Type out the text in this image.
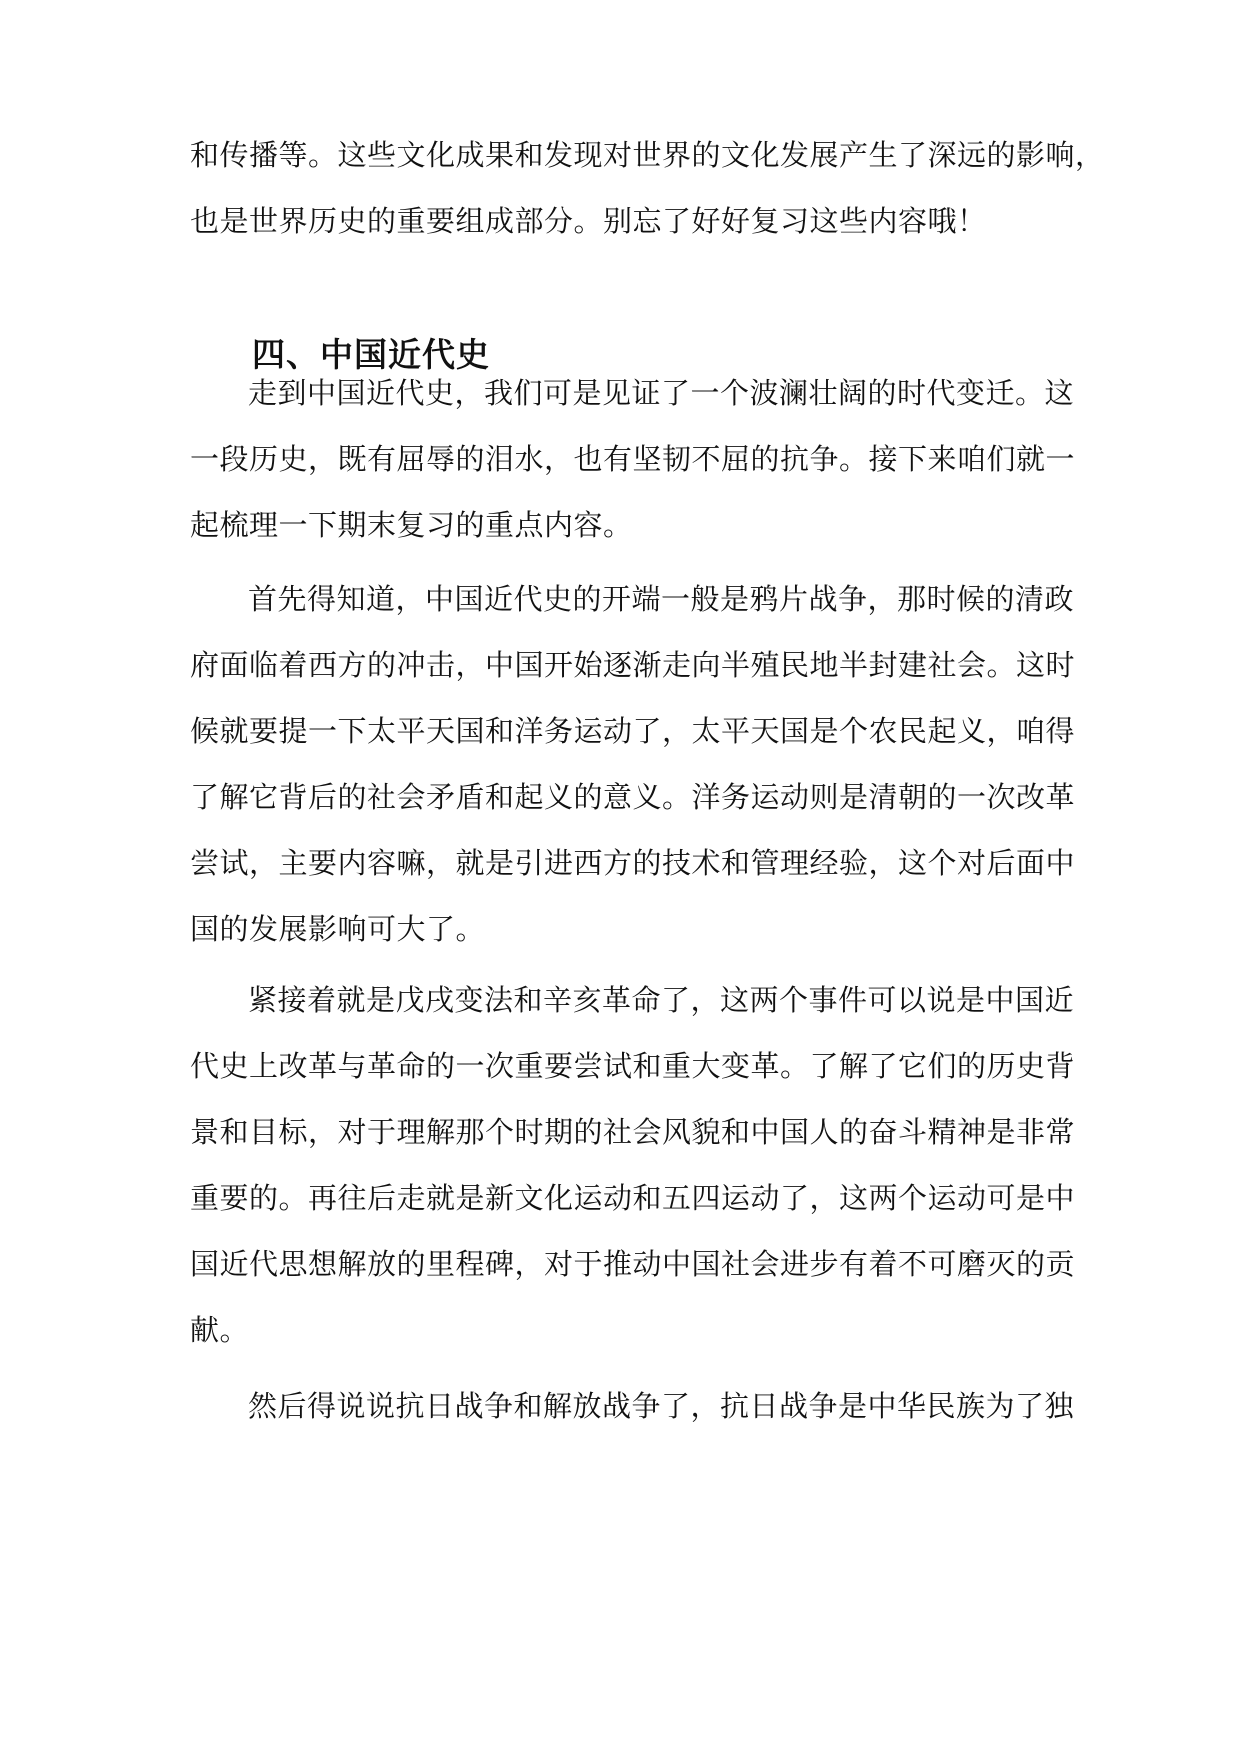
和传播等。这些文化成果和发现对世界的文化发展产生了深远的影响，
也是世界历史的重要组成部分。别忘了好好复习这些内容哦！
四、中国近代史
走到中国近代史，我们可是见证了一个波澜壮阔的时代变迁。这
一段历史，既有屈辱的泪水，也有坚韧不屈的抗争。接下来咱们就一
起梳理一下期末复习的重点内容。
首先得知道，中国近代史的开端一般是鸦片战争，那时候的清政
府面临着西方的冲击，中国开始逐渐走向半殖民地半封建社会。这时
候就要提一下太平天国和洋务运动了，太平天国是个农民起义，咱得
了解它背后的社会矛盾和起义的意义。洋务运动则是清朝的一次改革
尝试，主要内容嘛，就是引进西方的技术和管理经验，这个对后面中
国的发展影响可大了。
紧接着就是戊戌变法和辛亥革命了，这两个事件可以说是中国近
代史上改革与革命的一次重要尝试和重大变革。了解了它们的历史背
景和目标，对于理解那个时期的社会风貌和中国人的奋斗精神是非常
重要的。再往后走就是新文化运动和五四运动了，这两个运动可是中
国近代思想解放的里程碑，对于推动中国社会进步有着不可磨灭的贡
献。
然后得说说抗日战争和解放战争了，抗日战争是中华民族为了独
